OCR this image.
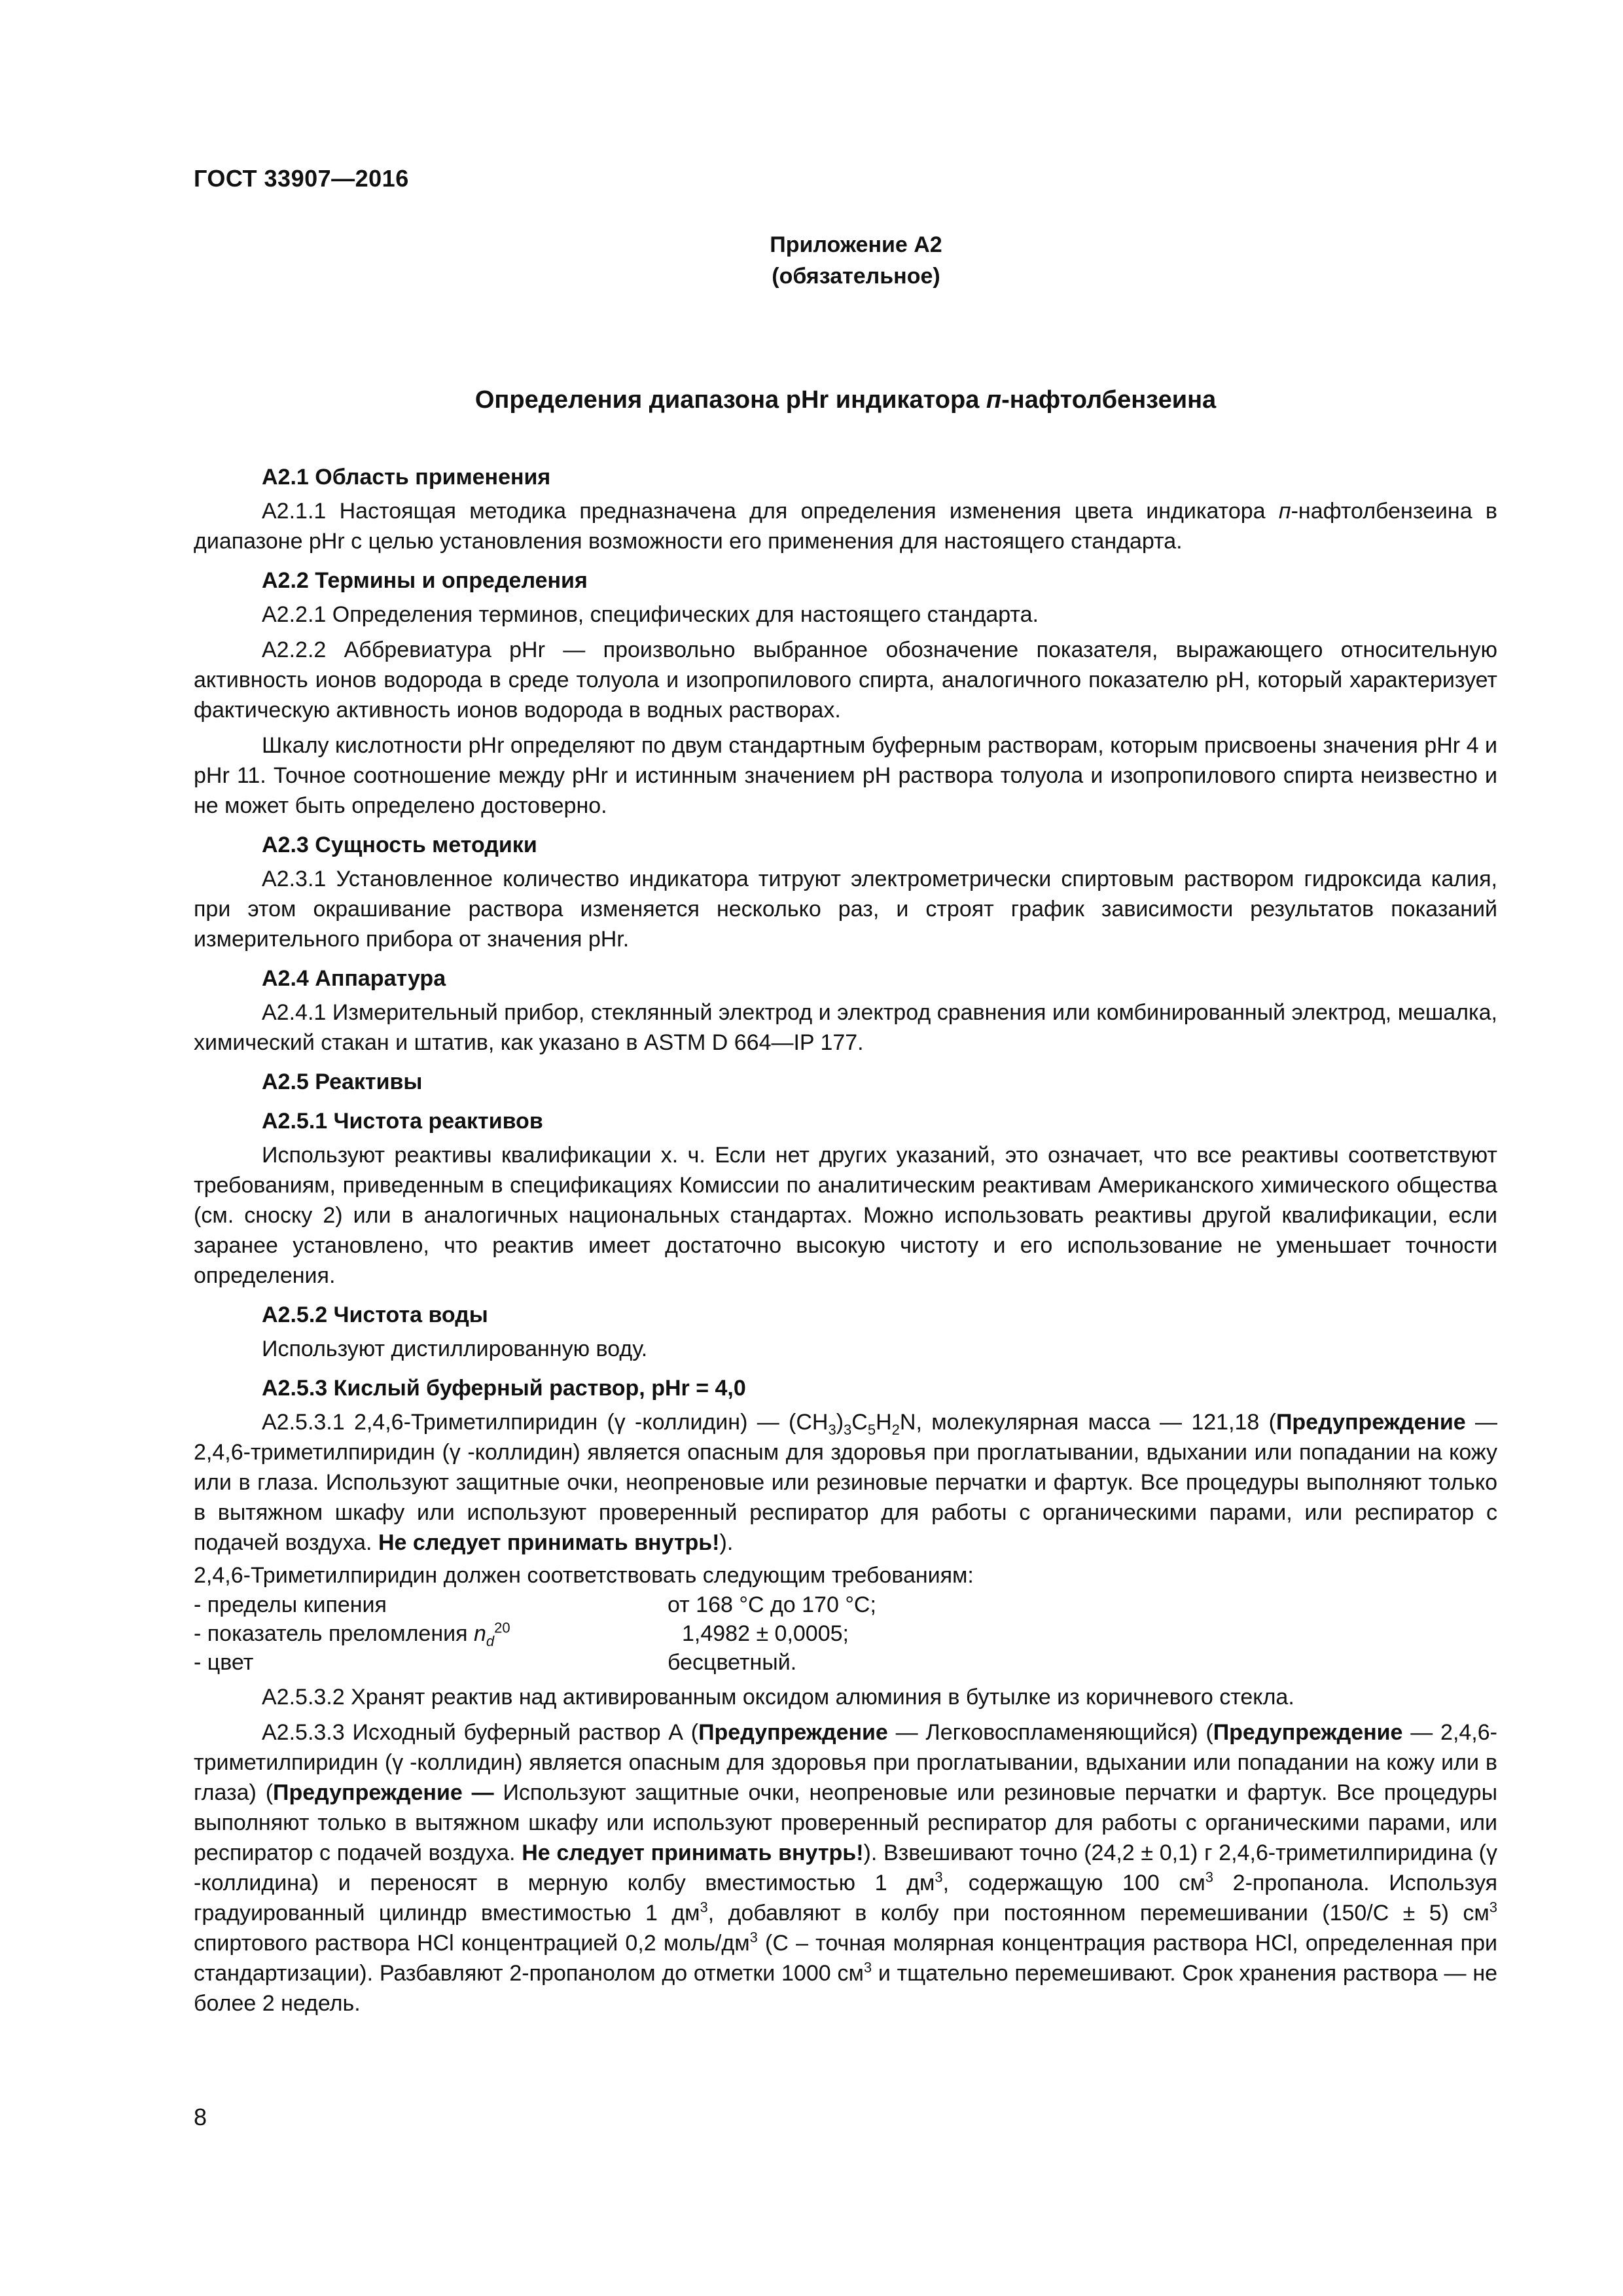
ГОСТ 33907—2016
Приложение А2
(обязательное)
Определения диапазона pHr индикатора п-нафтолбензеина

А2.1 Область применения

А2.1.1 Настоящая методика предназначена для определения изменения цвета индикатора п-нафтолбензеина в диапазоне pHr с целью установления возможности его применения для настоящего стандарта.

А2.2 Термины и определения

А2.2.1 Определения терминов, специфических для настоящего стандарта.

А2.2.2 Аббревиатура pHr — произвольно выбранное обозначение показателя, выражающего относительную активность ионов водорода в среде толуола и изопропилового спирта, аналогичного показателю pH, который характеризует фактическую активность ионов водорода в водных растворах.

Шкалу кислотности pHr определяют по двум стандартным буферным растворам, которым присвоены значения pHr 4 и pHr 11. Точное соотношение между pHr и истинным значением pH раствора толуола и изопропилового спирта неизвестно и не может быть определено достоверно.

А2.3 Сущность методики

А2.3.1 Установленное количество индикатора титруют электрометрически спиртовым раствором гидроксида калия, при этом окрашивание раствора изменяется несколько раз, и строят график зависимости результатов показаний измерительного прибора от значения pHr.

А2.4 Аппаратура

А2.4.1 Измерительный прибор, стеклянный электрод и электрод сравнения или комбинированный электрод, мешалка, химический стакан и штатив, как указано в ASTM D 664—IP 177.

А2.5 Реактивы

А2.5.1 Чистота реактивов

Используют реактивы квалификации х. ч. Если нет других указаний, это означает, что все реактивы соответствуют требованиям, приведенным в спецификациях Комиссии по аналитическим реактивам Американского химического общества (см. сноску 2) или в аналогичных национальных стандартах. Можно использовать реактивы другой квалификации, если заранее установлено, что реактив имеет достаточно высокую чистоту и его использование не уменьшает точности определения.

А2.5.2 Чистота воды

Используют дистиллированную воду.

А2.5.3 Кислый буферный раствор, pHr = 4,0

А2.5.3.1 2,4,6-Триметилпиридин (γ -коллидин) — $(CH_3)_3C_5H_2N$, молекулярная масса — 121,18 (Предупреждение — 2,4,6-триметилпиридин (γ -коллидин) является опасным для здоровья при проглатывании, вдыхании или попадании на кожу или в глаза. Используют защитные очки, неопреновые или резиновые перчатки и фартук. Все процедуры выполняют только в вытяжном шкафу или используют проверенный респиратор для работы с органическими парами, или респиратор с подачей воздуха. Не следует принимать внутрь!).

2,4,6-Триметилпиридин должен соответствовать следующим требованиям:

- пределы кипения	от 168 °С до 170 °С;
- показатель преломления $n_d^{20}$	1,4982 ± 0,0005;
- цвет	бесцветный.

А2.5.3.2 Хранят реактив над активированным оксидом алюминия в бутылке из коричневого стекла.

А2.5.3.3 Исходный буферный раствор А (Предупреждение — Легковоспламеняющийся) (Предупреждение — 2,4,6-триметилпиридин (γ -коллидин) является опасным для здоровья при проглатывании, вдыхании или попадании на кожу или в глаза) (Предупреждение — Используют защитные очки, неопреновые или резиновые перчатки и фартук. Все процедуры выполняют только в вытяжном шкафу или используют проверенный респиратор для работы с органическими парами, или респиратор с подачей воздуха. Не следует принимать внутрь!). Взвешивают точно (24,2 ± 0,1) г 2,4,6-триметилпиридина (γ -коллидина) и переносят в мерную колбу вместимостью 1 $дм^3$, содержащую 100 $см^3$ 2-пропанола. Используя градуированный цилиндр вместимостью 1 $дм^3$, добавляют в колбу при постоянном перемешивании (150/С ± 5) $см^3$ спиртового раствора HCl концентрацией 0,2 моль/$дм^3$ (С – точная молярная концентрация раствора HCl, определенная при стандартизации). Разбавляют 2-пропанолом до отметки 1000 $см^3$ и тщательно перемешивают. Срок хранения раствора — не более 2 недель.

8
